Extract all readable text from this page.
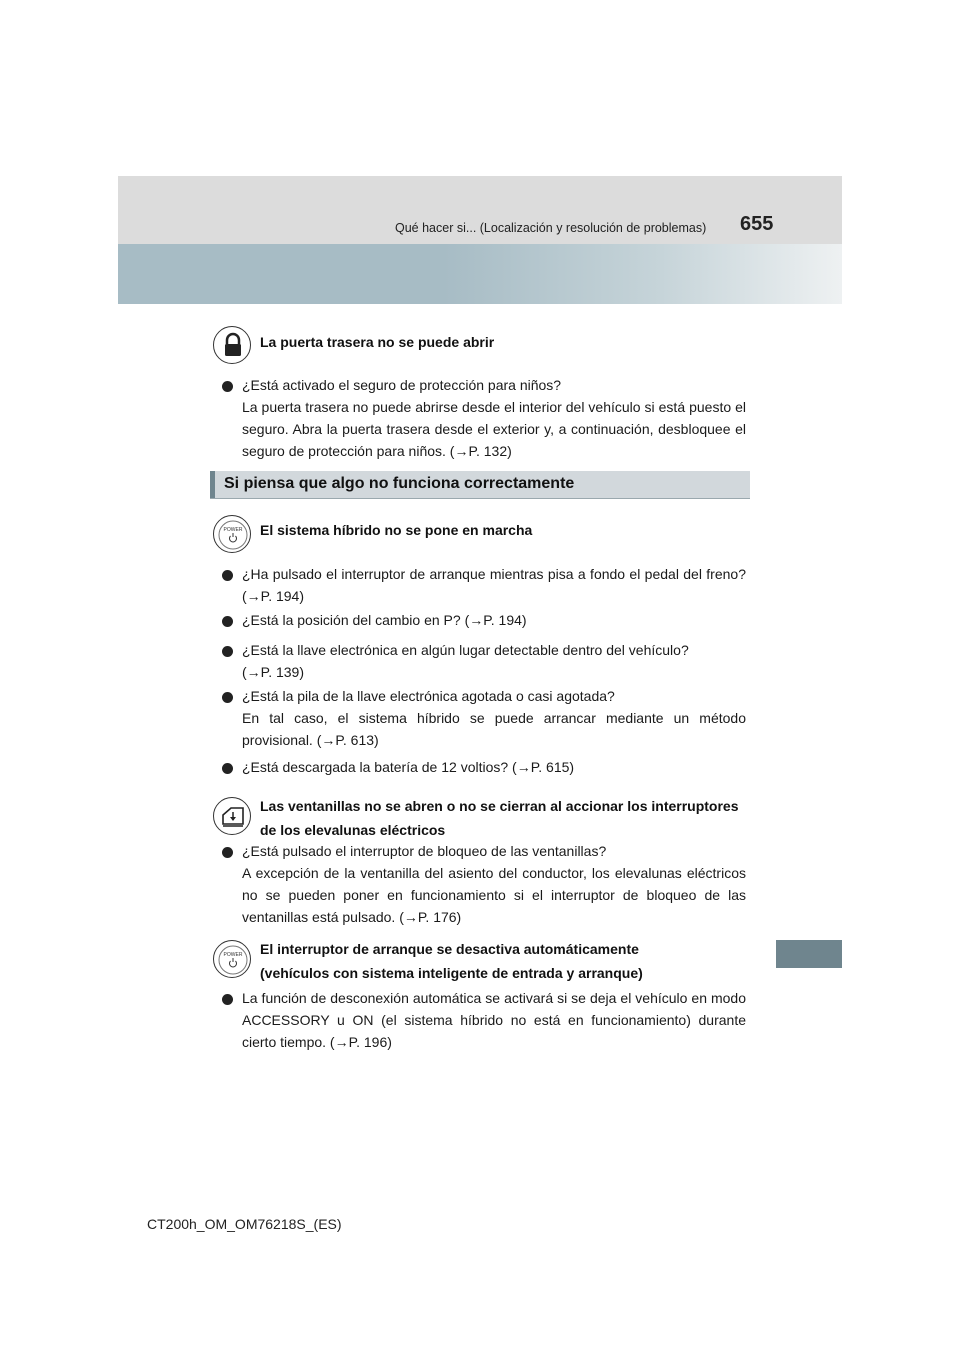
Qué hacer si... (Localización y resolución de problemas) 655
La puerta trasera no se puede abrir
¿Está activado el seguro de protección para niños?
La puerta trasera no puede abrirse desde el interior del vehículo si está puesto el seguro. Abra la puerta trasera desde el exterior y, a continuación, desbloquee el seguro de protección para niños. (→P. 132)
Si piensa que algo no funciona correctamente
POWER El sistema híbrido no se pone en marcha
¿Ha pulsado el interruptor de arranque mientras pisa a fondo el pedal del freno? (→P. 194)
¿Está la posición del cambio en P? (→P. 194)
¿Está la llave electrónica en algún lugar detectable dentro del vehículo?
(→P. 139)
¿Está la pila de la llave electrónica agotada o casi agotada?
En tal caso, el sistema híbrido se puede arrancar mediante un método provisional. (→P. 613)
¿Está descargada la batería de 12 voltios? (→P. 615)
Las ventanillas no se abren o no se cierran al accionar los interruptores
de los elevalunas eléctricos
¿Está pulsado el interruptor de bloqueo de las ventanillas?
A excepción de la ventanilla del asiento del conductor, los elevalunas eléctricos no se pueden poner en funcionamiento si el interruptor de bloqueo de las ventanillas está pulsado. (→P. 176)
POWER El interruptor de arranque se desactiva automáticamente
(vehículos con sistema inteligente de entrada y arranque)
La función de desconexión automática se activará si se deja el vehículo en modo ACCESSORY u ON (el sistema híbrido no está en funcionamiento) durante cierto tiempo. (→P. 196)
CT200h_OM_OM76218S_(ES)
